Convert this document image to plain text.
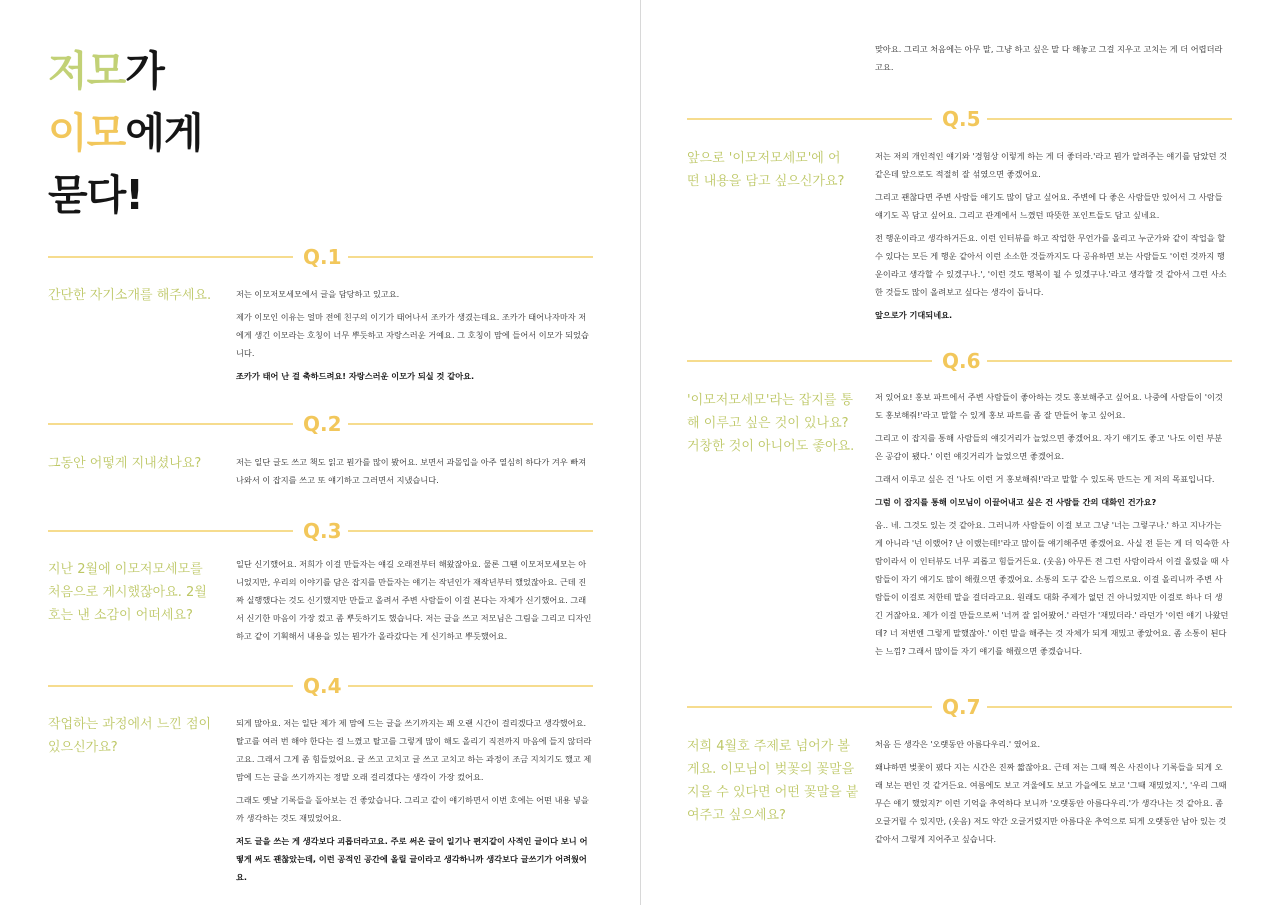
저모가
이모에게
묻다!
Q.1
간단한 자기소개를 해주세요.	저는 이모저모세모에서 글을 담당하고 있고요.

제가 이모인 이유는 얼마 전에 친구의 이기가 태어나서 조카가 생겼는데요. 조카가 태어나자마자 저에게 생긴 이모라는 호칭이 너무 뿌듯하고 자랑스러운 거예요. 그 호칭이 맘에 들어서 이모가 되었습니다.

조카가 태어 난 걸 축하드려요! 자랑스러운 이모가 되실 것 같아요.

Q.2
그동안 어떻게 지내셨나요?	저는 일단 글도 쓰고 책도 읽고 뭔가를 많이 봤어요. 보면서 과몰입을 아주 열심히 하다가 겨우 빠져나와서 이 잡지를 쓰고 또 얘기하고 그러면서 지냈습니다.

Q.3
지난 2월에 이모저모세모를 처음으로 게시했잖아요. 2월호는 낸 소감이 어떠세요?

일단 신기했어요. 저희가 이걸 만들자는 얘길 오래전부터 해왔잖아요. 물론 그땐 이모저모세모는 아니었지만, 우리의 이야기를 담은 잡지를 만들자는 얘기는 작년인가 재작년부터 했었잖아요. 근데 진짜 실행했다는 것도 신기했지만 만들고 올려서 주변 사람들이 이걸 본다는 자체가 신기했어요. 그래서 신기한 마음이 가장 컸고 좀 뿌듯하기도 했습니다. 저는 글을 쓰고 저모님은 그림을 그리고 디자인하고 같이 기획해서 내용을 있는 뭔가가 올라갔다는 게 신기하고 뿌듯했어요.

Q.4
작업하는 과정에서 느낀 점이 있으신가요?

되게 많아요. 저는 일단 제가 제 맘에 드는 글을 쓰기까지는 꽤 오랜 시간이 걸리겠다고 생각했어요. 탈고를 여러 번 해야 한다는 걸 느꼈고 탈고를 그렇게 많이 해도 올리기 직전까지 마음에 들지 않더라고요. 그래서 그게 좀 힘들었어요. 글 쓰고 고치고 글 쓰고 고치고 하는 과정이 조금 지치기도 했고 제 맘에 드는 글을 쓰기까지는 정말 오래 걸리겠다는 생각이 가장 컸어요.

그래도 옛날 기록들을 돌아보는 건 좋았습니다. 그리고 같이 얘기하면서 이번 호에는 어떤 내용 넣을까 생각하는 것도 재밌었어요.

저도 글을 쓰는 게 생각보다 괴롭더라고요. 주로 써온 글이 일기나 편지같이 사적인 글이다 보니 어떻게 써도 괜찮았는데, 이런 공적인 공간에 올릴 글이라고 생각하니까 생각보다 글쓰기가 어려웠어요.

맞아요. 그리고 처음에는 아무 말, 그냥 하고 싶은 말 다 해놓고 그걸 지우고 고치는 게 더 어렵더라고요.

Q.5
앞으로 '이모저모세모'에 어떤 내용을 담고 싶으신가요?

저는 저의 개인적인 얘기와 '경험상 이렇게 하는 게 더 좋더라.'라고 뭔가 알려주는 얘기를 담았던 것 같은데 앞으로도 적절히 잘 섞였으면 좋겠어요.

그리고 괜찮다면 주변 사람들 얘기도 많이 담고 싶어요. 주변에 다 좋은 사람들만 있어서 그 사람들 얘기도 꼭 담고 싶어요. 그리고 관계에서 느꼈던 따뜻한 포인트들도 담고 싶네요.

전 행운이라고 생각하거든요. 이런 인터뷰를 하고 작업한 무언가를 올리고 누군가와 같이 작업을 할 수 있다는 모든 게 행운 같아서 이런 소소한 것들까지도 다 공유하면 보는 사람들도 '이런 것까지 행운이라고 생각할 수 있겠구나.', '이런 것도 행복이 될 수 있겠구나.'라고 생각할 것 같아서 그런 사소한 것들도 많이 올려보고 싶다는 생각이 듭니다.

앞으로가 기대되네요.

Q.6
'이모저모세모'라는 잡지를 통해 이루고 싶은 것이 있나요? 거창한 것이 아니어도 좋아요.

저 있어요! 홍보 파트에서 주변 사람들이 좋아하는 것도 홍보해주고 싶어요. 나중에 사람들이 '이것도 홍보해줘!'라고 말할 수 있게 홍보 파트를 좀 잘 만들어 놓고 싶어요.

그리고 이 잡지를 통해 사람들의 얘깃거리가 늘었으면 좋겠어요. 자기 얘기도 좋고 '나도 이런 부분은 공감이 됐다.' 이런 얘깃거리가 늘었으면 좋겠어요.

그래서 이루고 싶은 건 '나도 이런 거 홍보해줘!'라고 말할 수 있도록 만드는 게 저의 목표입니다.

그럼 이 잡지를 통해 이모님이 이끌어내고 싶은 건 사람들 간의 대화인 건가요?

음.. 네. 그것도 있는 것 같아요. 그러니까 사람들이 이걸 보고 그냥 '너는 그렇구나.' 하고 지나가는 게 아니라 '넌 이랬어? 난 이랬는데!'라고 많이들 얘기해주면 좋겠어요. 사실 전 듣는 게 더 익숙한 사람이라서 이 인터뷰도 너무 괴롭고 힘들거든요. (웃음) 아무튼 전 그런 사람이라서 이걸 올렸을 때 사람들이 자기 얘기도 많이 해줬으면 좋겠어요. 소통의 도구 같은 느낌으로요. 이걸 올리니까 주변 사람들이 이걸로 저한테 말을 걸더라고요. 원래도 대화 주제가 없던 건 아니었지만 이걸로 하나 더 생긴 거잖아요. 제가 이걸 만들으로써 '너꺼 잘 읽어봤어.' 라던가 '재밌더라.' 라던가 '이런 얘기 나왔던데? 너 저번엔 그렇게 말했잖아.' 이런 말을 해주는 것 자체가 되게 재밌고 좋았어요. 좀 소통이 된다는 느낌? 그래서 많이들 자기 얘기를 해줬으면 좋겠습니다.

Q.7
저희 4월호 주제로 넘어가 볼게요. 이모님이 벚꽃의 꽃말을 지을 수 있다면 어떤 꽃말을 붙여주고 싶으세요?

처음 든 생각은 '오랫동안 아름다우리.' 였어요.

왜냐하면 벚꽃이 폈다 지는 시간은 진짜 짧잖아요. 근데 저는 그때 찍은 사진이나 기록들을 되게 오래 보는 편인 것 같거든요. 여름에도 보고 겨울에도 보고 가을에도 보고 '그때 재밌었지.', '우리 그때 무슨 얘기 했었지?' 이런 기억을 추억하다 보니까 '오랫동안 아름다우리.'가 생각나는 것 같아요. 좀 오글거릴 수 있지만, (웃음) 저도 약간 오글거렸지만 아름다운 추억으로 되게 오랫동안 남아 있는 것 같아서 그렇게 지어주고 싶습니다.
